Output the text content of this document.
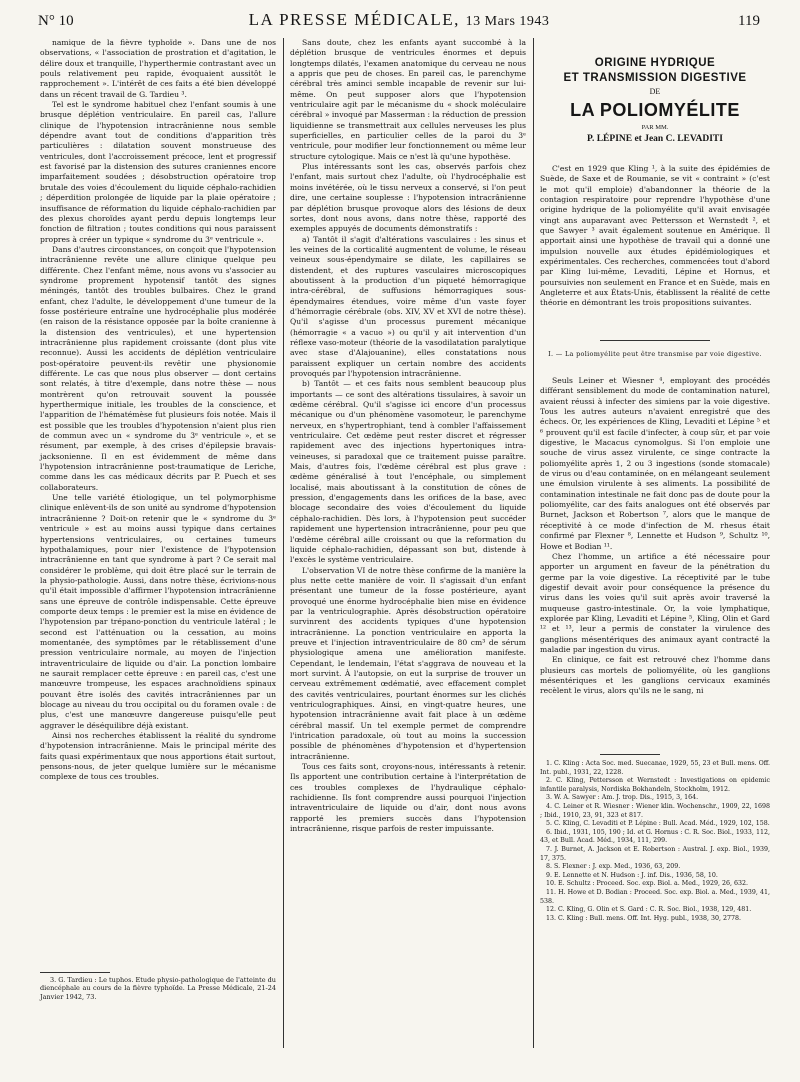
N° 10	LA PRESSE MÉDICALE, 13 Mars 1943	119

namique de la fièvre typhoïde ». Dans une de nos observations, « l'association de prostration et d'agitation, le délire doux et tranquille, l'hyperthermie contrastant avec un pouls relativement peu rapide, évoquaient aussitôt le rapprochement ». L'intérêt de ces faits a été bien développé dans un récent travail de G. Tardieu ³.

Tel est le syndrome habituel chez l'enfant soumis à une brusque déplétion ventriculaire. En pareil cas, l'allure clinique de l'hypotension intracrânienne nous semble dépendre avant tout de conditions d'apparition très particulières : dilatation souvent monstrueuse des ventricules, dont l'accroissement précoce, lent et progressif est favorisé par la distension des sutures craniennes encore imparfaitement soudées ; désobstruction opératoire trop brutale des voies d'écoulement du liquide céphalo-rachidien ; déperdition prolongée de liquide par la plaie opératoire ; insuffisance de réformation du liquide céphalo-rachidien par des plexus choroïdes ayant perdu depuis longtemps leur fonction de filtration ; toutes conditions qui nous paraissent propres à créer un typique « syndrome du 3ᵉ ventricule ».

Dans d'autres circonstances, on conçoit que l'hypotension intracrânienne revête une allure clinique quelque peu différente. Chez l'enfant même, nous avons vu s'associer au syndrome proprement hypotensif tantôt des signes méningés, tantôt des troubles bulbaires. Chez le grand enfant, chez l'adulte, le développement d'une tumeur de la fosse postérieure entraîne une hydrocéphalie plus modérée (en raison de la résistance opposée par la boîte cranienne à la distension des ventricules), et une hypertension intracrânienne plus rapidement croissante (dont plus vite reconnue). Aussi les accidents de déplétion ventriculaire post-opératoire peuvent-ils revêtir une physionomie différente. Le cas que nous plus observer — dont certains sont relatés, à titre d'exemple, dans notre thèse — nous montrèrent qu'on retrouvait souvent la poussée hyperthermique initiale, les troubles de la conscience, et l'apparition de l'hématémèse fut plusieurs fois notée. Mais il est possible que les troubles d'hypotension n'aient plus rien de commun avec un « syndrome du 3ᵉ ventricule », et se résument, par exemple, à des crises d'épilepsie bravais-jacksonienne. Il en est évidemment de même dans l'hypotension intracrânienne post-traumatique de Leriche, comme dans les cas médicaux décrits par P. Puech et ses collaborateurs.

Une telle variété étiologique, un tel polymorphisme clinique enlèvent-ils de son unité au syndrome d'hypotension intracrânienne ? Doit-on retenir que le « syndrome du 3ᵉ ventricule » est au moins aussi typique dans certaines hypertensions ventriculaires, ou certaines tumeurs hypothalamiques, pour nier l'existence de l'hypotension intracrânienne en tant que syndrome à part ? Ce serait mal considérer le problème, qui doit être placé sur le terrain de la physio-pathologie. Aussi, dans notre thèse, écrivions-nous qu'il était impossible d'affirmer l'hypotension intracrânienne sans une épreuve de contrôle indispensable. Cette épreuve comporte deux temps : le premier est la mise en évidence de l'hypotension par trépano-ponction du ventricule latéral ; le second est l'atténuation ou la cessation, au moins momentanée, des symptômes par le rétablissement d'une pression ventriculaire normale, au moyen de l'injection intraventriculaire de liquide ou d'air. La ponction lombaire ne saurait remplacer cette épreuve : en pareil cas, c'est une manœuvre trompeuse, les espaces arachnoïdiens spinaux pouvant être isolés des cavités intracrâniennes par un blocage au niveau du trou occipital ou du foramen ovale : de plus, c'est une manœuvre dangereuse puisqu'elle peut aggraver le déséquilibre déjà existant.

Ainsi nos recherches établissent la réalité du syndrome d'hypotension intracrânienne. Mais le principal mérite des faits quasi expérimentaux que nous apportions était surtout, pensons-nous, de jeter quelque lumière sur le mécanisme complexe de tous ces troubles.

3. G. Tardieu : Le tuphos. Etude physio-pathologique de l'atteinte du diencéphale au cours de la fièvre typhoïde. La Presse Médicale, 21-24 Janvier 1942, 73.

Sans doute, chez les enfants ayant succombé à la déplétion brusque de ventricules énormes et depuis longtemps dilatés, l'examen anatomique du cerveau ne nous a appris que peu de choses. En pareil cas, le parenchyme cérébral très aminci semble incapable de revenir sur lui-même. On peut supposer alors que l'hypotension ventriculaire agit par le mécanisme du « shock moléculaire cérébral » invoqué par Masserman : la réduction de pression liquidienne se transmettrait aux cellules nerveuses les plus superficielles, en particulier celles de la paroi du 3ᵉ ventricule, pour modifier leur fonctionnement ou même leur structure cytologique. Mais ce n'est là qu'une hypothèse.

Plus intéressants sont les cas, observés parfois chez l'enfant, mais surtout chez l'adulte, où l'hydrocéphalie est moins invétérée, où le tissu nerveux a conservé, si l'on peut dire, une certaine souplesse : l'hypotension intracrânienne par déplétion brusque provoque alors des lésions de deux sortes, dont nous avons, dans notre thèse, rapporté des exemples appuyés de documents démonstratifs :

a) Tantôt il s'agit d'altérations vasculaires : les sinus et les veines de la corticalité augmentent de volume, le réseau veineux sous-épendymaire se dilate, les capillaires se distendent, et des ruptures vasculaires microscopiques aboutissent à la production d'un piqueté hémorragique intra-cérébral, de suffusions hémorragiques sous-épendymaires étendues, voire même d'un vaste foyer d'hémorragie cérébrale (obs. XIV, XV et XVI de notre thèse). Qu'il s'agisse d'un processus purement mécanique (hémorragie « a vacuo ») ou qu'il y ait intervention d'un réflexe vaso-moteur (théorie de la vasodilatation paralytique avec stase d'Alajouanine), elles constatations nous paraissent expliquer un certain nombre des accidents provoqués par l'hypotension intracrânienne.

b) Tantôt — et ces faits nous semblent beaucoup plus importants — ce sont des altérations tissulaires, à savoir un œdème cérébral. Qu'il s'agisse ici encore d'un processus mécanique ou d'un phénomène vasomoteur, le parenchyme nerveux, en s'hypertrophiant, tend à combler l'affaissement ventriculaire. Cet œdème peut rester discret et régresser rapidement avec des injections hypertoniques intra-veineuses, si paradoxal que ce traitement puisse paraître. Mais, d'autres fois, l'œdème cérébral est plus grave : œdème généralisé à tout l'encéphale, ou simplement localisé, mais aboutissant à la constitution de cônes de pression, d'engagements dans les orifices de la base, avec blocage secondaire des voies d'écoulement du liquide céphalo-rachidien. Dès lors, à l'hypotension peut succéder rapidement une hypertension intracrânienne, pour peu que l'œdème cérébral aille croissant ou que la reformation du liquide céphalo-rachidien, dépassant son but, distende à l'excès le système ventriculaire.

L'observation VI de notre thèse confirme de la manière la plus nette cette manière de voir. Il s'agissait d'un enfant présentant une tumeur de la fosse postérieure, ayant provoqué une énorme hydrocéphalie bien mise en évidence par la ventriculographie. Après désobstruction opératoire survinrent des accidents typiques d'une hypotension intracrânienne. La ponction ventriculaire en apporta la preuve et l'injection intraventriculaire de 80 cm³ de sérum physiologique amena une amélioration manifeste. Cependant, le lendemain, l'état s'aggrava de nouveau et la mort survint. À l'autopsie, on eut la surprise de trouver un cerveau extrêmement œdématié, avec effacement complet des cavités ventriculaires, pourtant énormes sur les clichés ventriculographiques. Ainsi, en vingt-quatre heures, une hypotension intracrânienne avait fait place à un œdème cérébral massif. Un tel exemple permet de comprendre l'intrication paradoxale, où tout au moins la succession possible de phénomènes d'hypotension et d'hypertension intracrânienne.

Tous ces faits sont, croyons-nous, intéressants à retenir. Ils apportent une contribution certaine à l'interprétation de ces troubles complexes de l'hydraulique céphalo-rachidienne. Ils font comprendre aussi pourquoi l'injection intraventriculaire de liquide ou d'air, dont nous avons rapporté les premiers succès dans l'hypotension intracrânienne, risque parfois de rester impuissante.

ORIGINE HYDRIQUE
ET TRANSMISSION DIGESTIVE
DE
LA POLIOMYÉLITE
PAR MM.
P. LÉPINE et Jean C. LEVADITI

C'est en 1929 que Kling ¹, à la suite des épidémies de Suède, de Saxe et de Roumanie, se vit « contraint » (c'est le mot qu'il emploie) d'abandonner la théorie de la contagion respiratoire pour reprendre l'hypothèse d'une origine hydrique de la poliomyélite qu'il avait envisagée vingt ans auparavant avec Pettersson et Wernstedt ², et que Sawyer ³ avait également soutenue en Amérique. Il apportait ainsi une hypothèse de travail qui a donné une impulsion nouvelle aux études épidémiologiques et expérimentales. Ces recherches, commencées tout d'abord par Kling lui-même, Levaditi, Lépine et Hornus, et poursuivies non seulement en France et en Suède, mais en Angleterre et aux États-Unis, établissent la réalité de cette théorie en démontrant les trois propositions suivantes.

I. — La poliomyélite peut être transmise par voie digestive.

Seuls Leiner et Wiesner ⁴, employant des procédés différant sensiblement du mode de contamination naturel, avaient réussi à infecter des simiens par la voie digestive. Tous les autres auteurs n'avaient enregistré que des échecs. Or, les expériences de Kling, Levaditi et Lépine ⁵ et ⁶ prouvent qu'il est facile d'infecter, à coup sûr, et par voie digestive, le Macacus cynomolgus. Si l'on emploie une souche de virus assez virulente, ce singe contracte la poliomyélite après 1, 2 ou 3 ingestions (sonde stomacale) de virus ou d'eau contaminée, on en mélangeant seulement une émulsion virulente à ses aliments. La possibilité de contamination intestinale ne fait donc pas de doute pour la poliomyélite, car des faits analogues ont été observés par Burnet, Jackson et Robertson ⁷, alors que le manque de réceptivité à ce mode d'infection de M. rhesus était confirmé par Flexner ⁸, Lennette et Hudson ⁹, Schultz ¹⁰, Howe et Bodian ¹¹.

Chez l'homme, un artifice a été nécessaire pour apporter un argument en faveur de la pénétration du germe par la voie digestive. La réceptivité par le tube digestif devait avoir pour conséquence la présence du virus dans les voies qu'il suit après avoir traversé la muqueuse gastro-intestinale. Or, la voie lymphatique, explorée par Kling, Levaditi et Lépine ⁵, Kling, Olin et Gard ¹² et ¹³, leur a permis de constater la virulence des ganglions mésentériques des animaux ayant contracté la maladie par ingestion du virus.

En clinique, ce fait est retrouvé chez l'homme dans plusieurs cas mortels de poliomyélite, où les ganglions mésentériques et les ganglions cervicaux examinés recèlent le virus, alors qu'ils ne le sang, ni

1. C. Kling : Acta Soc. med. Suecanae, 1929, 55, 23 et Bull. mens. Off. Int. publ., 1931, 22, 1228.

2. C. Kling, Pettersson et Wernstedt : Investigations on epidemic infantile paralysis, Nordiska Bokhandeln, Stockholm, 1912.

3. W. A. Sawyer : Am. J. trop. Dis., 1915, 3, 164.

4. C. Leiner et R. Wiesner : Wiener klin. Wochenschr., 1909, 22, 1698 ; Ibid., 1910, 23, 91, 323 et 817.

5. C. Kling, C. Levaditi et P. Lépine : Bull. Acad. Méd., 1929, 102, 158.

6. Ibid., 1931, 105, 190 ; Id. et G. Hornus : C. R. Soc. Biol., 1933, 112, 43, et Bull. Acad. Méd., 1934, 111, 299.

7. J. Burnet, A. Jackson et E. Robertson : Austral. J. exp. Biol., 1939, 17, 375.

8. S. Flexner : J. exp. Med., 1936, 63, 209.

9. E. Lennette et N. Hudson : J. inf. Dis., 1936, 58, 10.

10. E. Schultz : Proceed. Soc. exp. Biol. a. Med., 1929, 26, 632.

11. H. Howe et D. Bodian : Proceed. Soc. exp. Biol. a. Med., 1939, 41, 538.

12. C. Kling, G. Olin et S. Gard : C. R. Soc. Biol., 1938, 129, 481.

13. C. Kling : Bull. mens. Off. Int. Hyg. publ., 1938, 30, 2778.
